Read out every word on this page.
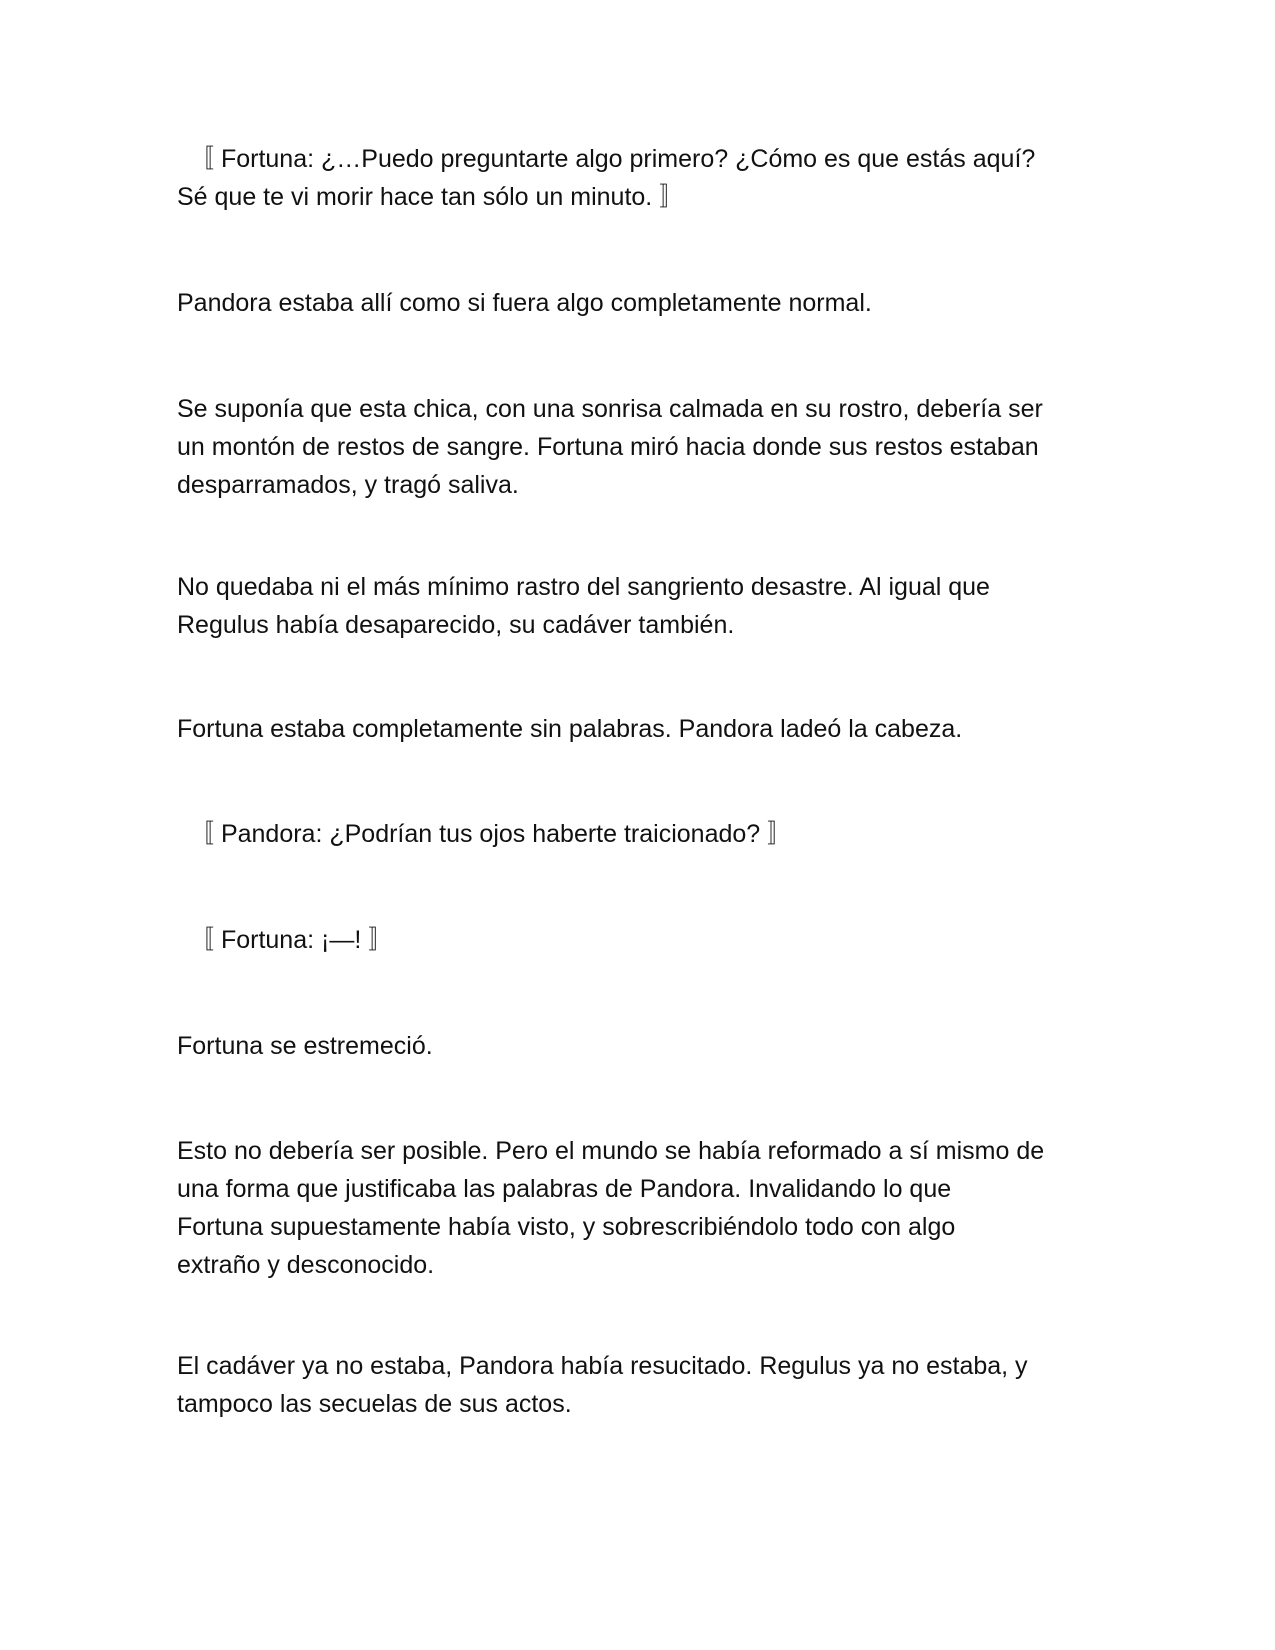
〚 Fortuna: ¿…Puedo preguntarte algo primero? ¿Cómo es que estás aquí?
Sé que te vi morir hace tan sólo un minuto. 〛

Pandora estaba allí como si fuera algo completamente normal.

Se suponía que esta chica, con una sonrisa calmada en su rostro, debería ser
un montón de restos de sangre. Fortuna miró hacia donde sus restos estaban
desparramados, y tragó saliva.

No quedaba ni el más mínimo rastro del sangriento desastre. Al igual que
Regulus había desaparecido, su cadáver también.

Fortuna estaba completamente sin palabras. Pandora ladeó la cabeza.

〚 Pandora: ¿Podrían tus ojos haberte traicionado? 〛

〚 Fortuna: ¡—! 〛

Fortuna se estremeció.

Esto no debería ser posible. Pero el mundo se había reformado a sí mismo de
una forma que justificaba las palabras de Pandora. Invalidando lo que
Fortuna supuestamente había visto, y sobrescribiéndolo todo con algo
extraño y desconocido.

El cadáver ya no estaba, Pandora había resucitado. Regulus ya no estaba, y
tampoco las secuelas de sus actos.
